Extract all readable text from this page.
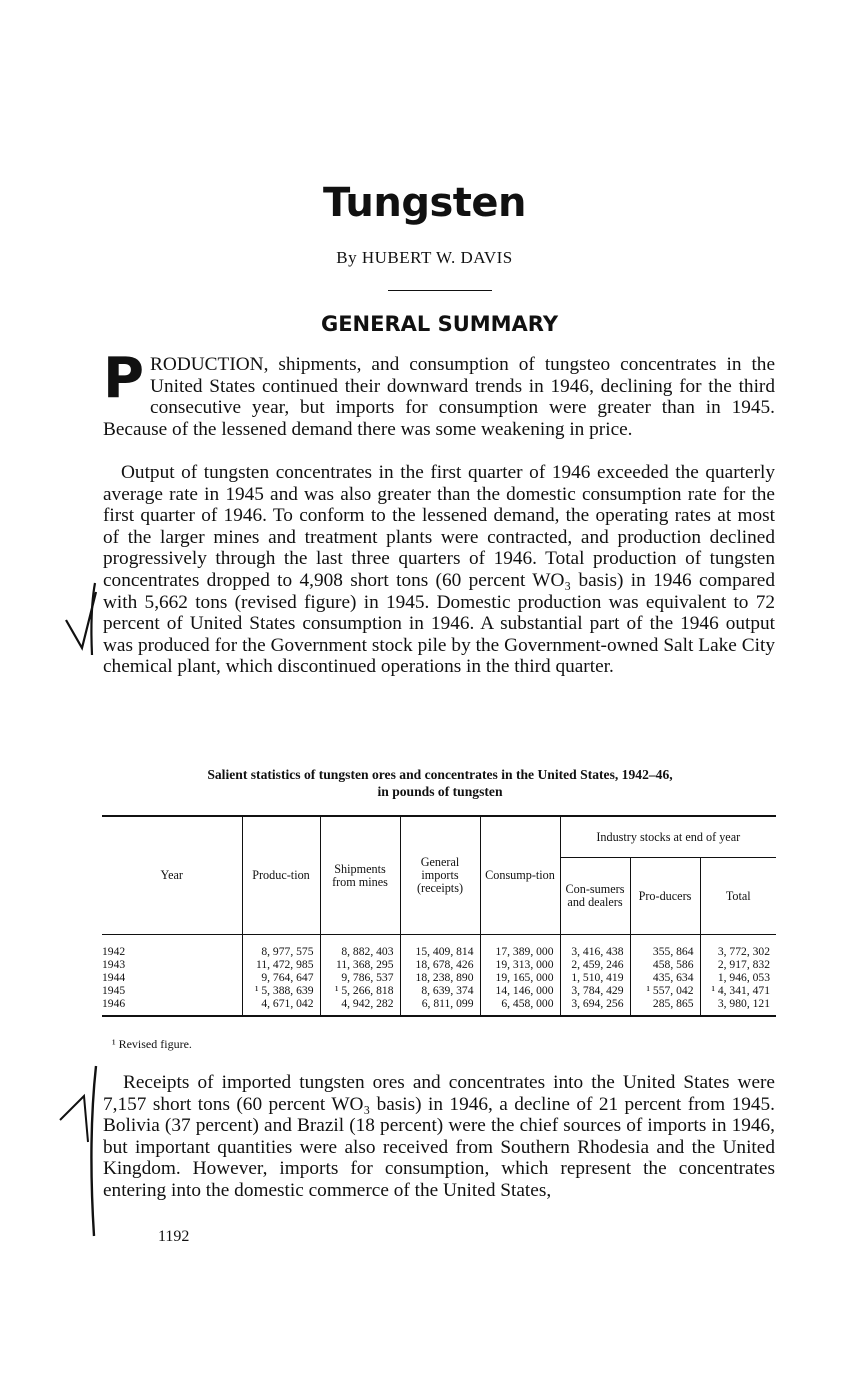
Tungsten
By HUBERT W. DAVIS
GENERAL SUMMARY

PRODUCTION, shipments, and consumption of tungsteo concentrates in the United States continued their downward trends in 1946, declining for the third consecutive year, but imports for consumption were greater than in 1945. Because of the lessened demand there was some weakening in price.

Output of tungsten concentrates in the first quarter of 1946 exceeded the quarterly average rate in 1945 and was also greater than the domestic consumption rate for the first quarter of 1946. To conform to the lessened demand, the operating rates at most of the larger mines and treatment plants were contracted, and production declined progressively through the last three quarters of 1946. Total production of tungsten concentrates dropped to 4,908 short tons (60 percent WO₃ basis) in 1946 compared with 5,662 tons (revised figure) in 1945. Domestic production was equivalent to 72 percent of United States consumption in 1946. A substantial part of the 1946 output was produced for the Government stock pile by the Government-owned Salt Lake City chemical plant, which discontinued operations in the third quarter.

Salient statistics of tungsten ores and concentrates in the United States, 1942–46,
in pounds of tungsten
Year	Produc-tion	Shipments from mines	General imports (receipts)	Consump-tion	Industry stocks at end of year		
					Con-sumers and dealers	Pro-ducers	Total
1942	8, 977, 575	8, 882, 403	15, 409, 814	17, 389, 000	3, 416, 438	355, 864	3, 772, 302
1943	11, 472, 985	11, 368, 295	18, 678, 426	19, 313, 000	2, 459, 246	458, 586	2, 917, 832
1944	9, 764, 647	9, 786, 537	18, 238, 890	19, 165, 000	1, 510, 419	435, 634	1, 946, 053
1945	¹ 5, 388, 639	¹ 5, 266, 818	8, 639, 374	14, 146, 000	3, 784, 429	¹ 557, 042	¹ 4, 341, 471
1946	4, 671, 042	4, 942, 282	6, 811, 099	6, 458, 000	3, 694, 256	285, 865	3, 980, 121
¹ Revised figure.

Receipts of imported tungsten ores and concentrates into the United States were 7,157 short tons (60 percent WO₃ basis) in 1946, a decline of 21 percent from 1945. Bolivia (37 percent) and Brazil (18 percent) were the chief sources of imports in 1946, but important quantities were also received from Southern Rhodesia and the United Kingdom. However, imports for consumption, which represent the concentrates entering into the domestic commerce of the United States,

1192
